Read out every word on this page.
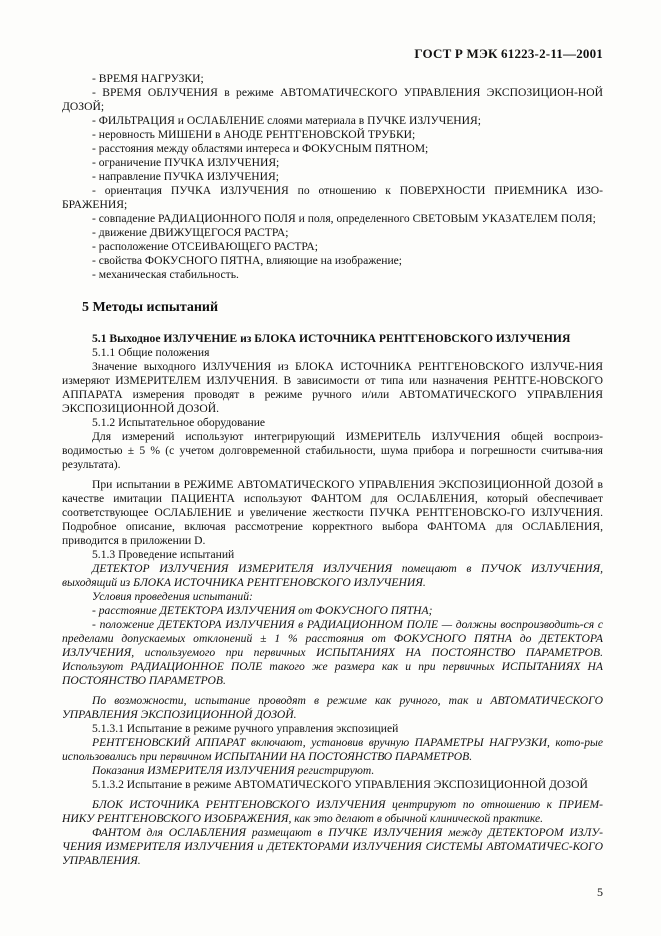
ГОСТ Р МЭК 61223-2-11—2001

- ВРЕМЯ НАГРУЗКИ;

- ВРЕМЯ ОБЛУЧЕНИЯ в режиме АВТОМАТИЧЕСКОГО УПРАВЛЕНИЯ ЭКСПОЗИЦИОН-НОЙ ДОЗОЙ;

- ФИЛЬТРАЦИЯ и ОСЛАБЛЕНИЕ слоями материала в ПУЧКЕ ИЗЛУЧЕНИЯ;

- неровность МИШЕНИ в АНОДЕ РЕНТГЕНОВСКОЙ ТРУБКИ;

- расстояния между областями интереса и ФОКУСНЫМ ПЯТНОМ;

- ограничение ПУЧКА ИЗЛУЧЕНИЯ;

- направление ПУЧКА ИЗЛУЧЕНИЯ;

- ориентация ПУЧКА ИЗЛУЧЕНИЯ по отношению к ПОВЕРХНОСТИ ПРИЕМНИКА ИЗО-БРАЖЕНИЯ;

- совпадение РАДИАЦИОННОГО ПОЛЯ и поля, определенного СВЕТОВЫМ УКАЗАТЕЛЕМ ПОЛЯ;

- движение ДВИЖУЩЕГОСЯ РАСТРА;

- расположение ОТСЕИВАЮЩЕГО РАСТРА;

- свойства ФОКУСНОГО ПЯТНА, влияющие на изображение;

- механическая стабильность.

5 Методы испытаний

5.1 Выходное ИЗЛУЧЕНИЕ из БЛОКА ИСТОЧНИКА РЕНТГЕНОВСКОГО ИЗЛУЧЕНИЯ

5.1.1 Общие положения

Значение выходного ИЗЛУЧЕНИЯ из БЛОКА ИСТОЧНИКА РЕНТГЕНОВСКОГО ИЗЛУЧЕ-НИЯ измеряют ИЗМЕРИТЕЛЕМ ИЗЛУЧЕНИЯ. В зависимости от типа или назначения РЕНТГЕ-НОВСКОГО АППАРАТА измерения проводят в режиме ручного и/или АВТОМАТИЧЕСКОГО УПРАВЛЕНИЯ ЭКСПОЗИЦИОННОЙ ДОЗОЙ.

5.1.2 Испытательное оборудование

Для измерений используют интегрирующий ИЗМЕРИТЕЛЬ ИЗЛУЧЕНИЯ общей воспроиз-водимостью ± 5 % (с учетом долговременной стабильности, шума прибора и погрешности считыва-ния результата).

При испытании в РЕЖИМЕ АВТОМАТИЧЕСКОГО УПРАВЛЕНИЯ ЭКСПОЗИЦИОННОЙ ДОЗОЙ в качестве имитации ПАЦИЕНТА используют ФАНТОМ для ОСЛАБЛЕНИЯ, который обеспечивает соответствующее ОСЛАБЛЕНИЕ и увеличение жесткости ПУЧКА РЕНТГЕНОВСКО-ГО ИЗЛУЧЕНИЯ. Подробное описание, включая рассмотрение корректного выбора ФАНТОМА для ОСЛАБЛЕНИЯ, приводится в приложении D.

5.1.3 Проведение испытаний

ДЕТЕКТОР ИЗЛУЧЕНИЯ ИЗМЕРИТЕЛЯ ИЗЛУЧЕНИЯ помещают в ПУЧОК ИЗЛУЧЕНИЯ, выходящий из БЛОКА ИСТОЧНИКА РЕНТГЕНОВСКОГО ИЗЛУЧЕНИЯ.

Условия проведения испытаний:

- расстояние ДЕТЕКТОРА ИЗЛУЧЕНИЯ от ФОКУСНОГО ПЯТНА;

- положение ДЕТЕКТОРА ИЗЛУЧЕНИЯ в РАДИАЦИОННОМ ПОЛЕ — должны воспроизводить-ся с пределами допускаемых отклонений ± 1 % расстояния от ФОКУСНОГО ПЯТНА до ДЕТЕКТОРА ИЗЛУЧЕНИЯ, используемого при первичных ИСПЫТАНИЯХ НА ПОСТОЯНСТВО ПАРАМЕТРОВ. Используют РАДИАЦИОННОЕ ПОЛЕ такого же размера как и при первичных ИСПЫТАНИЯХ НА ПОСТОЯНСТВО ПАРАМЕТРОВ.

По возможности, испытание проводят в режиме как ручного, так и АВТОМАТИЧЕСКОГО УПРАВЛЕНИЯ ЭКСПОЗИЦИОННОЙ ДОЗОЙ.

5.1.3.1 Испытание в режиме ручного управления экспозицией

РЕНТГЕНОВСКИЙ АППАРАТ включают, установив вручную ПАРАМЕТРЫ НАГРУЗКИ, кото-рые использовались при первичном ИСПЫТАНИИ НА ПОСТОЯНСТВО ПАРАМЕТРОВ.

Показания ИЗМЕРИТЕЛЯ ИЗЛУЧЕНИЯ регистрируют.

5.1.3.2 Испытание в режиме АВТОМАТИЧЕСКОГО УПРАВЛЕНИЯ ЭКСПОЗИЦИОННОЙ ДОЗОЙ

БЛОК ИСТОЧНИКА РЕНТГЕНОВСКОГО ИЗЛУЧЕНИЯ центрируют по отношению к ПРИЕМ-НИКУ РЕНТГЕНОВСКОГО ИЗОБРАЖЕНИЯ, как это делают в обычной клинической практике.

ФАНТОМ для ОСЛАБЛЕНИЯ размещают в ПУЧКЕ ИЗЛУЧЕНИЯ между ДЕТЕКТОРОМ ИЗЛУ-ЧЕНИЯ ИЗМЕРИТЕЛЯ ИЗЛУЧЕНИЯ и ДЕТЕКТОРАМИ ИЗЛУЧЕНИЯ СИСТЕМЫ АВТОМАТИЧЕС-КОГО УПРАВЛЕНИЯ.

5
